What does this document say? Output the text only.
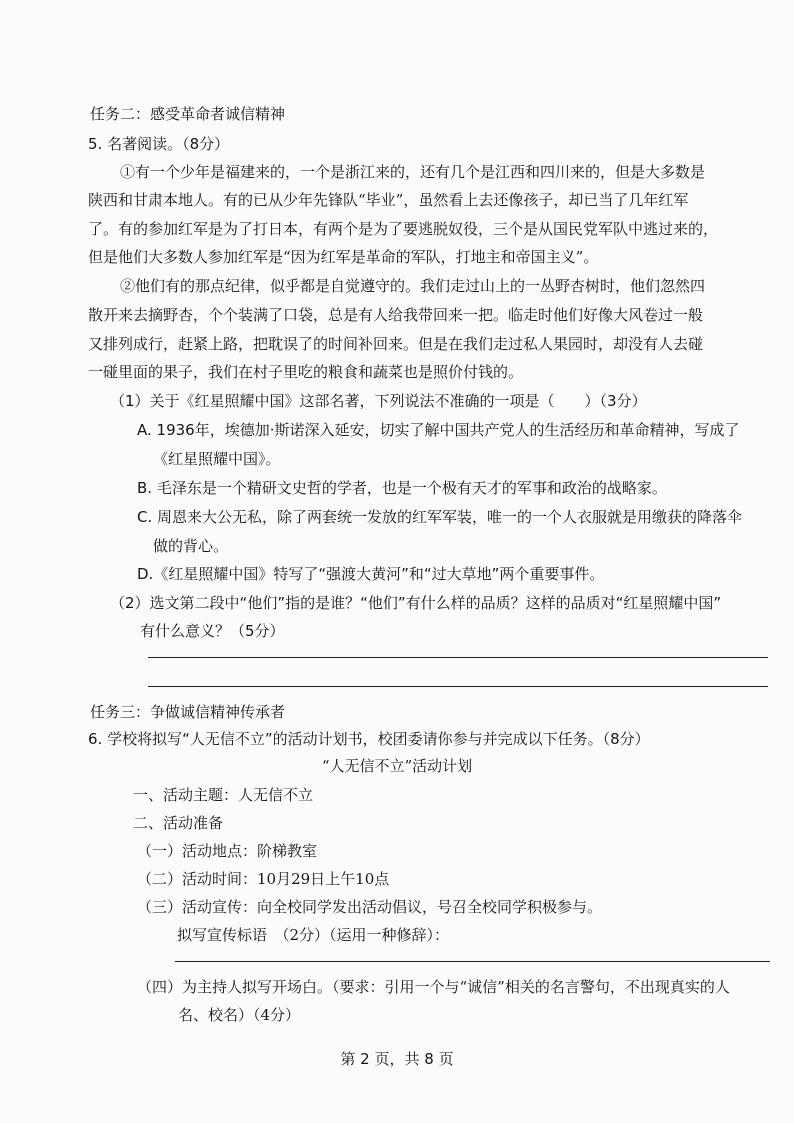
任务二：感受革命者诚信精神
5. 名著阅读。（8分）
①有一个少年是福建来的，一个是浙江来的，还有几个是江西和四川来的，但是大多数是
陕西和甘肃本地人。有的已从少年先锋队“毕业”，虽然看上去还像孩子，却已当了几年红军
了。有的参加红军是为了打日本，有两个是为了要逃脱奴役，三个是从国民党军队中逃过来的，
但是他们大多数人参加红军是“因为红军是革命的军队，打地主和帝国主义”。
②他们有的那点纪律，似乎都是自觉遵守的。我们走过山上的一丛野杏树时，他们忽然四
散开来去摘野杏，个个装满了口袋，总是有人给我带回来一把。临走时他们好像大风卷过一般
又排列成行，赶紧上路，把耽误了的时间补回来。但是在我们走过私人果园时，却没有人去碰
一碰里面的果子，我们在村子里吃的粮食和蔬菜也是照价付钱的。
（1）关于《红星照耀中国》这部名著，下列说法不准确的一项是（　　）（3分）
A. 1936年，埃德加·斯诺深入延安，切实了解中国共产党人的生活经历和革命精神，写成了
《红星照耀中国》。
B. 毛泽东是一个精研文史哲的学者，也是一个极有天才的军事和政治的战略家。
C. 周恩来大公无私，除了两套统一发放的红军军装，唯一的一个人衣服就是用缴获的降落伞
做的背心。
D.《红星照耀中国》特写了“强渡大黄河”和“过大草地”两个重要事件。
（2）选文第二段中“他们”指的是谁？“他们”有什么样的品质？这样的品质对“红星照耀中国”
有什么意义？（5分）
任务三：争做诚信精神传承者
6. 学校将拟写“人无信不立”的活动计划书，校团委请你参与并完成以下任务。（8分）
“人无信不立”活动计划
一、活动主题：人无信不立
二、活动准备
（一）活动地点：阶梯教室
（二）活动时间：10月29日上午10点
（三）活动宣传：向全校同学发出活动倡议，号召全校同学积极参与。
拟写宣传标语　（2分）（运用一种修辞）：
（四）为主持人拟写开场白。（要求：引用一个与“诚信”相关的名言警句，不出现真实的人
名、校名）（4分）
第 2 页，共 8 页
